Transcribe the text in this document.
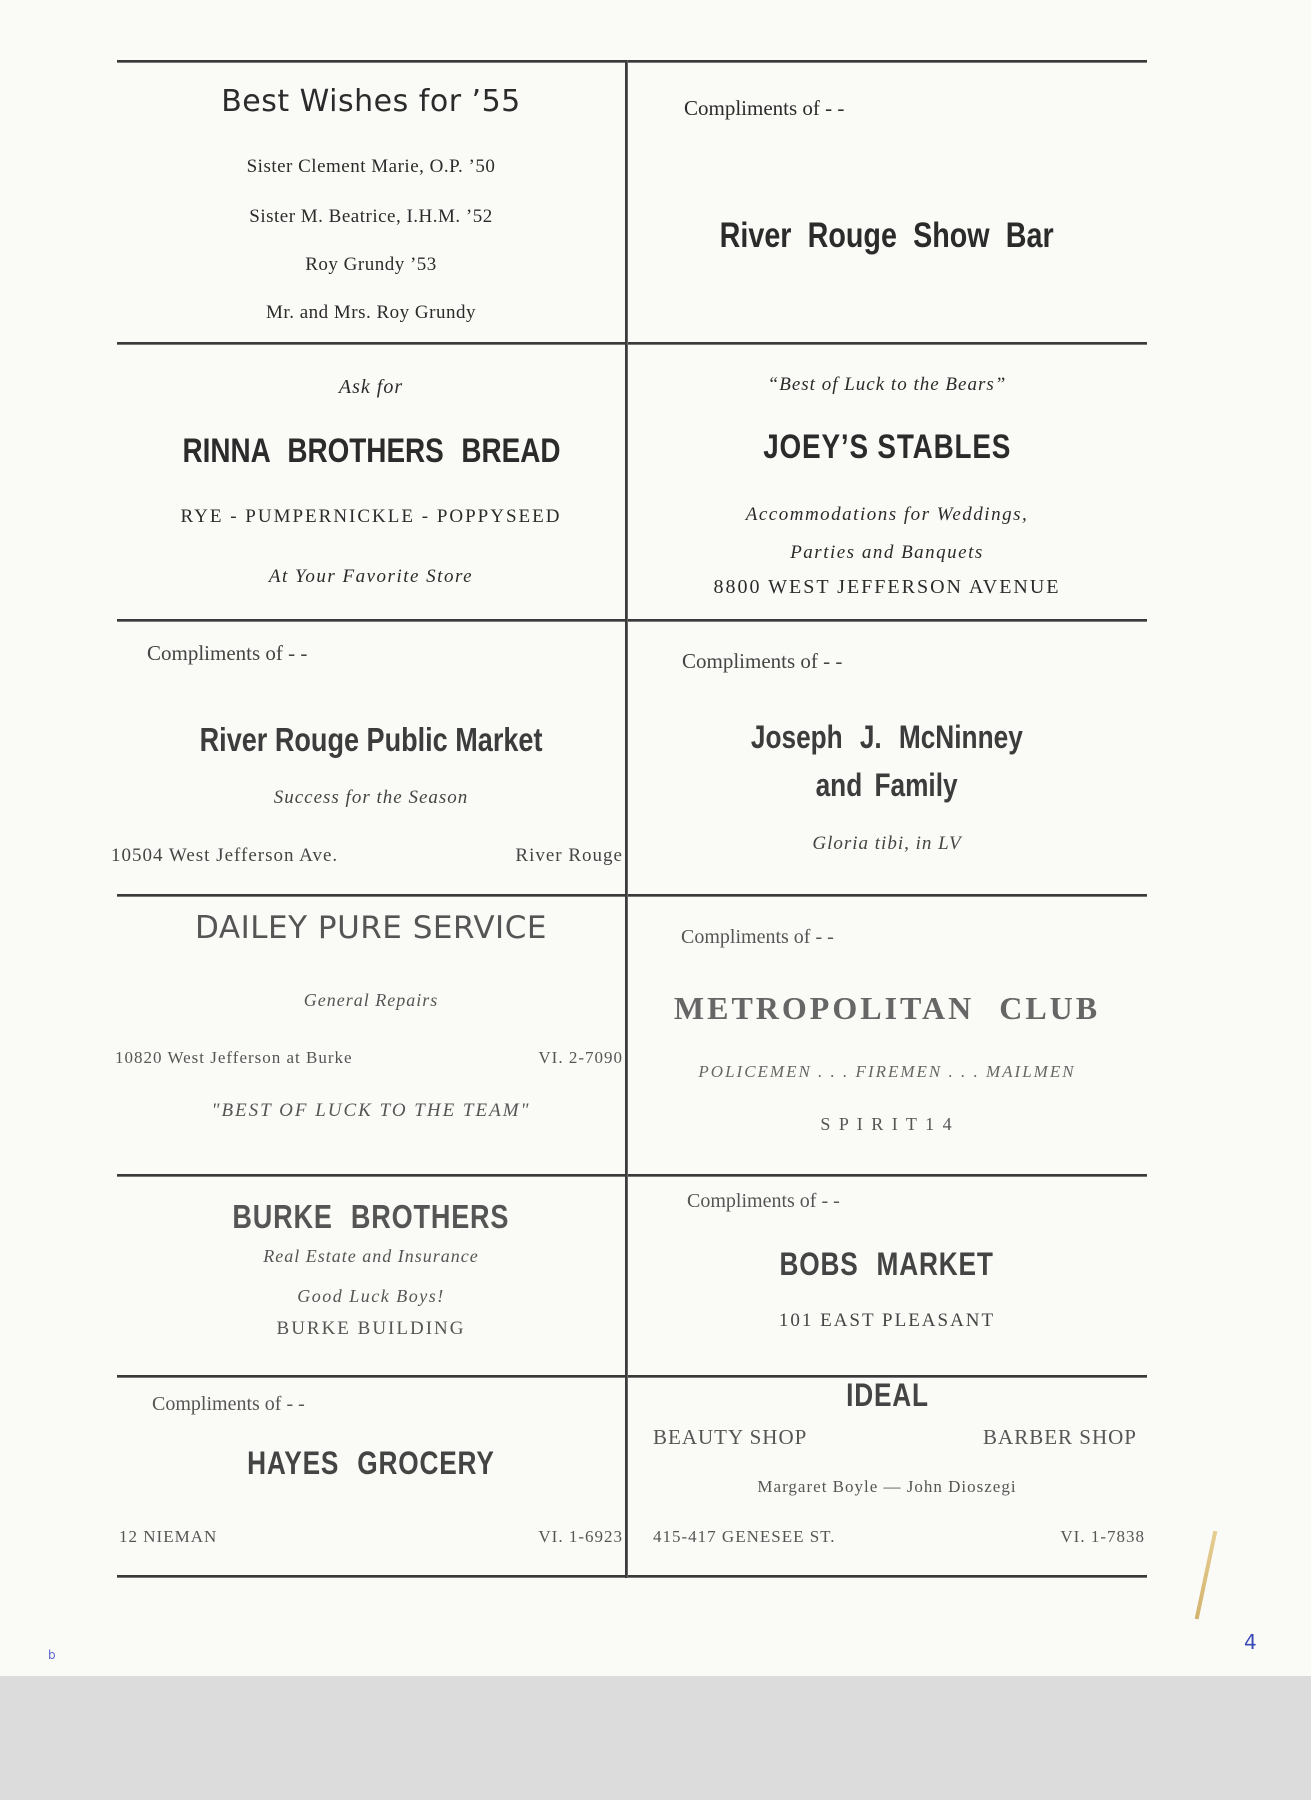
Best Wishes for ’55
Sister Clement Marie, O.P. ’50
Sister M. Beatrice, I.H.M. ’52
Roy Grundy ’53
Mr. and Mrs. Roy Grundy
Compliments of - -
River Rouge Show Bar
Ask for
RINNA BROTHERS BREAD
RYE - PUMPERNICKLE - POPPYSEED
At Your Favorite Store
“Best of Luck to the Bears”
JOEY’S STABLES
Accommodations for Weddings,
Parties and Banquets
8800 WEST JEFFERSON AVENUE
Compliments of - -
River Rouge Public Market
Success for the Season
10504 West Jefferson Ave.	River Rouge
Compliments of - -
Joseph J. McNinney
and Family
Gloria tibi, in LV
DAILEY PURE SERVICE
General Repairs
10820 West Jefferson at Burke	VI. 2-7090
"BEST OF LUCK TO THE TEAM"
Compliments of - -
METROPOLITAN CLUB
POLICEMEN . . . FIREMEN . . . MAILMEN
S P I R I T 1 4
BURKE BROTHERS
Real Estate and Insurance
Good Luck Boys!
BURKE BUILDING
Compliments of - -
BOBS MARKET
101 EAST PLEASANT
Compliments of - -
HAYES GROCERY
12 NIEMAN	VI. 1-6923
IDEAL
BEAUTY SHOP	BARBER SHOP
Margaret Boyle — John Dioszegi
415-417 GENESEE ST.	VI. 1-7838
4
b
